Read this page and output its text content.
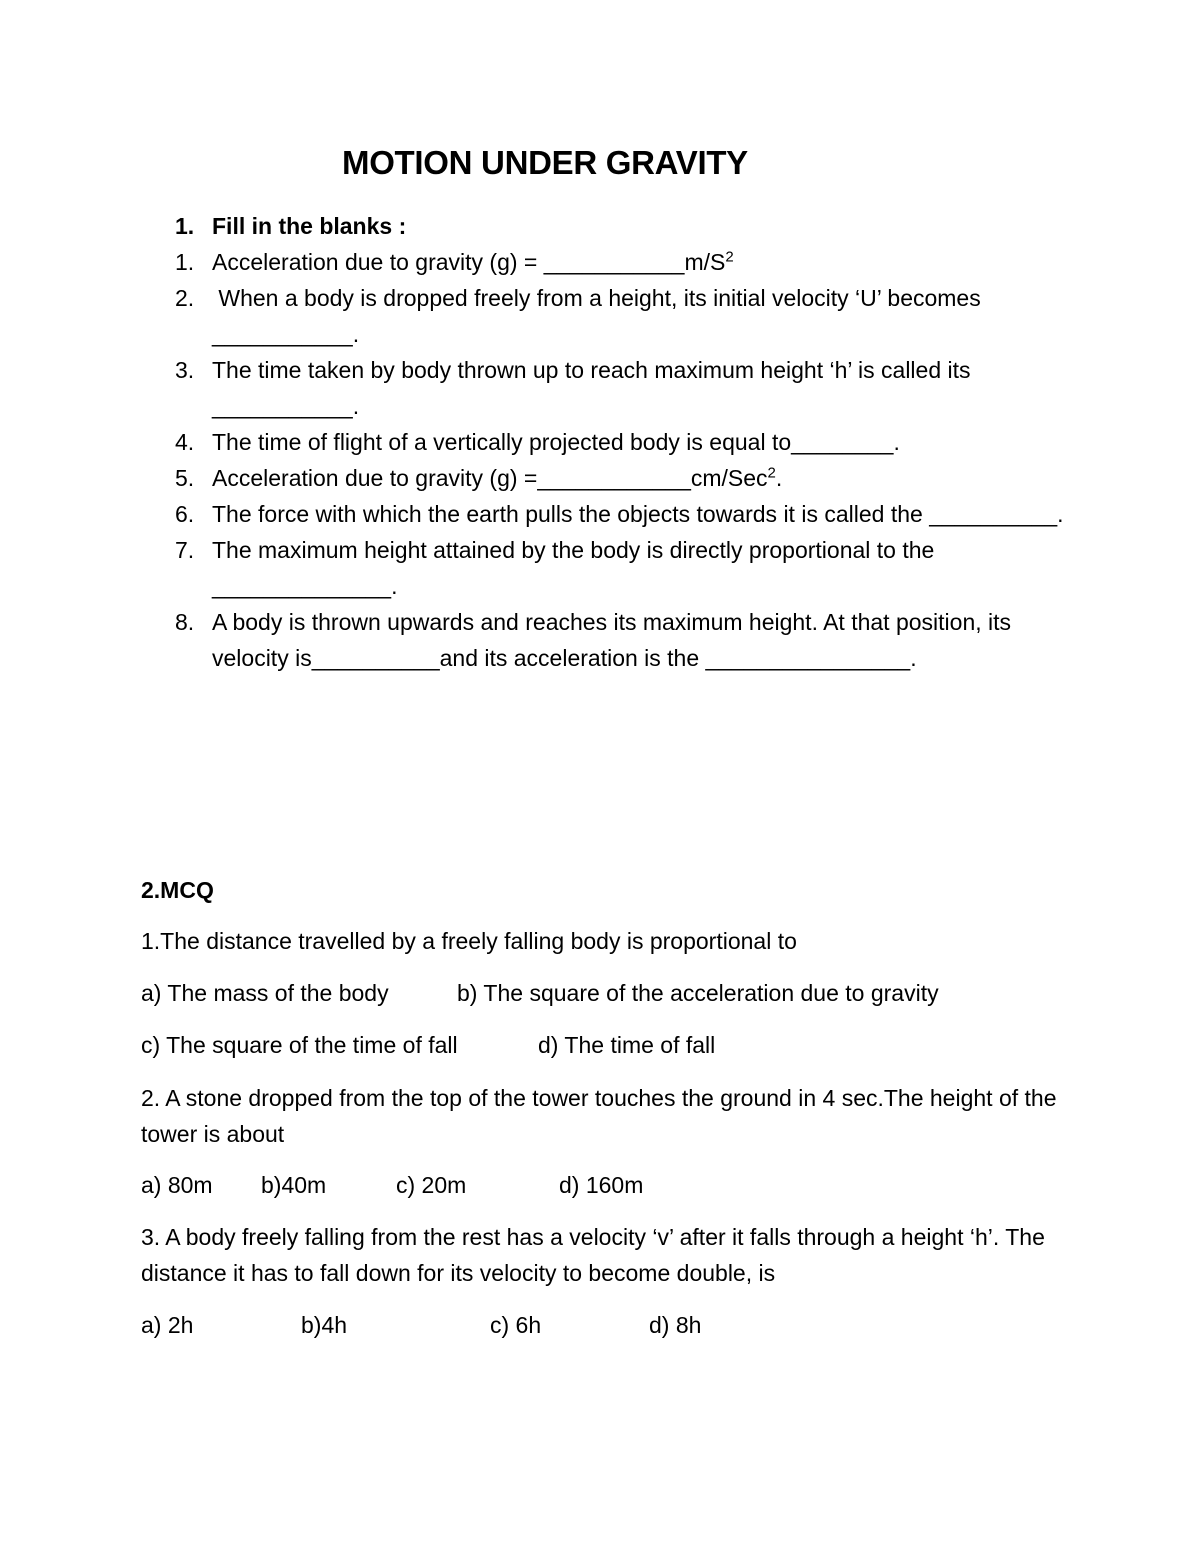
MOTION UNDER GRAVITY
1. Fill in the blanks :
1. Acceleration due to gravity $(g) = \_\_\_\_\_\_\_\_\_\_\_m/S^2$
2. When a body is dropped freely from a height, its initial velocity ‘U’ becomes ___________.
3. The time taken by body thrown up to reach maximum height ‘h’ is called its ___________.
4. The time of flight of a vertically projected body is equal to________.
5. Acceleration due to gravity (g) =____________cm/Sec$^2$.
6. The force with which the earth pulls the objects towards it is called the __________.
7. The maximum height attained by the body is directly proportional to the ______________.
8. A body is thrown upwards and reaches its maximum height. At that position, its velocity is__________and its acceleration is the ________________.
2.MCQ
1.The distance travelled by a freely falling body is proportional to
a) The mass of the body	b) The square of the acceleration due to gravity
c) The square of the time of fall	d) The time of fall
2. A stone dropped from the top of the tower touches the ground in 4 sec.The height of the tower is about
a) 80m b)40m	c) 20m	d) 160m
3. A body freely falling from the rest has a velocity ‘v’ after it falls through a height ‘h’. The distance it has to fall down for its velocity to become double, is
a) 2h	b)4h	c) 6h	d) 8h
